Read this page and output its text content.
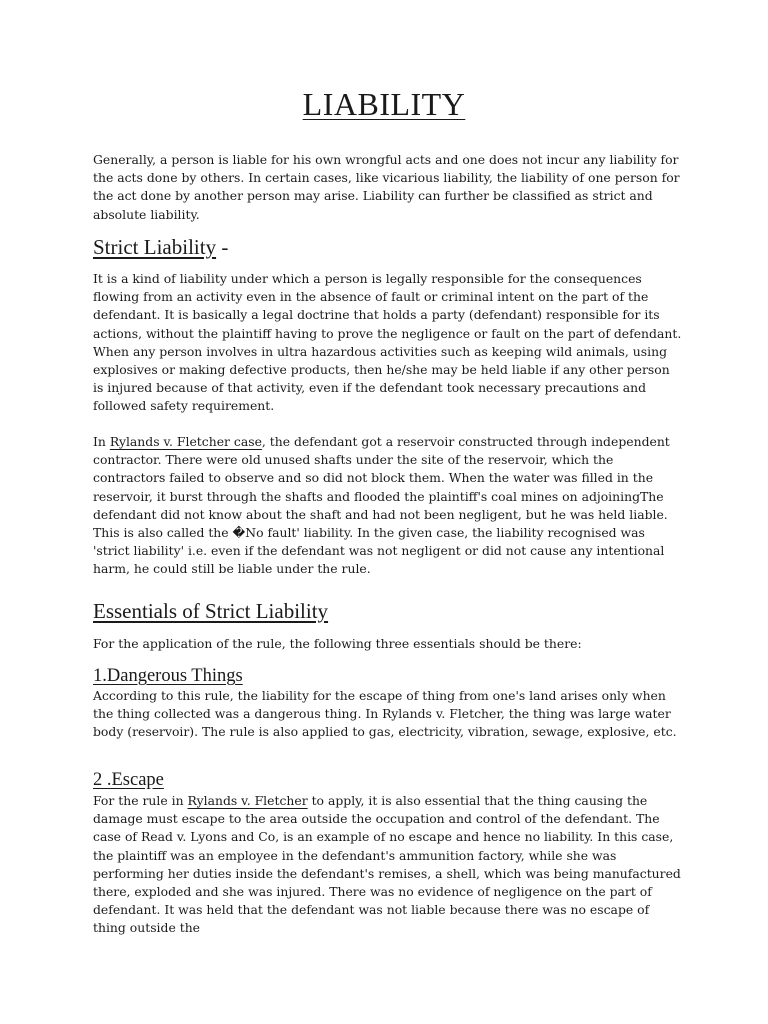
LIABILITY

Generally, a person is liable for his own wrongful acts and one does not incur any liability for the acts done by others. In certain cases, like vicarious liability, the liability of one person for the act done by another person may arise. Liability can further be classified as strict and absolute liability.

Strict Liability -

It is a kind of liability under which a person is legally responsible for the consequences flowing from an activity even in the absence of fault or criminal intent on the part of the defendant. It is basically a legal doctrine that holds a party (defendant) responsible for its actions, without the plaintiff having to prove the negligence or fault on the part of defendant. When any person involves in ultra hazardous activities such as keeping wild animals, using explosives or making defective products, then he/she may be held liable if any other person is injured because of that activity, even if the defendant took necessary precautions and followed safety requirement.

In Rylands v. Fletcher case, the defendant got a reservoir constructed through independent contractor. There were old unused shafts under the site of the reservoir, which the contractors failed to observe and so did not block them. When the water was filled in the reservoir, it burst through the shafts and flooded the plaintiff's coal mines on adjoiningThe defendant did not know about the shaft and had not been negligent, but he was held liable. This is also called the �No fault' liability. In the given case, the liability recognised was 'strict liability' i.e. even if the defendant was not negligent or did not cause any intentional harm, he could still be liable under the rule.

Essentials of Strict Liability

For the application of the rule, the following three essentials should be there:

1.Dangerous Things

According to this rule, the liability for the escape of thing from one's land arises only when the thing collected was a dangerous thing. In Rylands v. Fletcher, the thing was large water body (reservoir). The rule is also applied to gas, electricity, vibration, sewage, explosive, etc.

2 .Escape

For the rule in Rylands v. Fletcher to apply, it is also essential that the thing causing the damage must escape to the area outside the occupation and control of the defendant. The case of Read v. Lyons and Co, is an example of no escape and hence no liability. In this case, the plaintiff was an employee in the defendant's ammunition factory, while she was performing her duties inside the defendant's remises, a shell, which was being manufactured there, exploded and she was injured. There was no evidence of negligence on the part of defendant. It was held that the defendant was not liable because there was no escape of thing outside the
